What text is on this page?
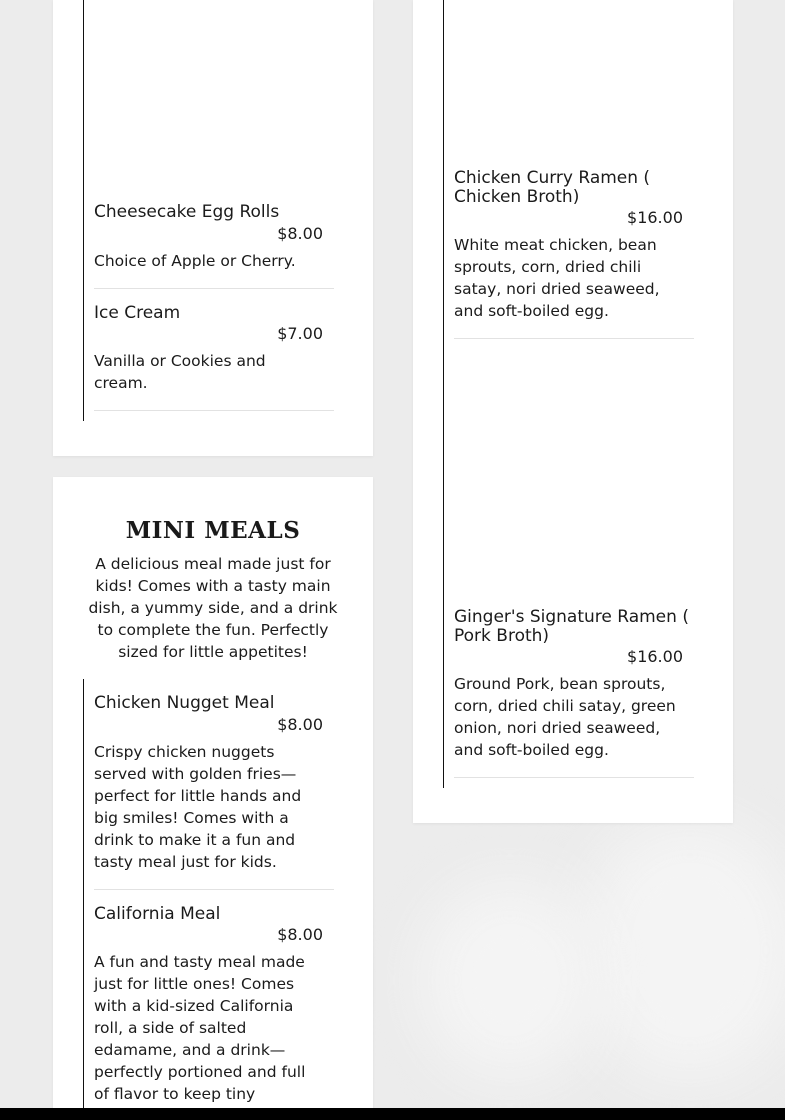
Cheesecake Egg Rolls
$8.00
Choice of Apple or Cherry.
Ice Cream
$7.00
Vanilla or Cookies and cream.
MINI MEALS
A delicious meal made just for kids! Comes with a tasty main dish, a yummy side, and a drink to complete the fun. Perfectly sized for little appetites!
Chicken Nugget Meal
$8.00
Crispy chicken nuggets served with golden fries—perfect for little hands and big smiles! Comes with a drink to make it a fun and tasty meal just for kids.
California Meal
$8.00
A fun and tasty meal made just for little ones! Comes with a kid-sized California roll, a side of salted edamame, and a drink—perfectly portioned and full of flavor to keep tiny
Chicken Curry Ramen ( Chicken Broth)
$16.00
White meat chicken, bean sprouts, corn, dried chili satay, nori dried seaweed, and soft-boiled egg.
Ginger's Signature Ramen ( Pork Broth)
$16.00
Ground Pork, bean sprouts, corn, dried chili satay, green onion, nori dried seaweed, and soft-boiled egg.
